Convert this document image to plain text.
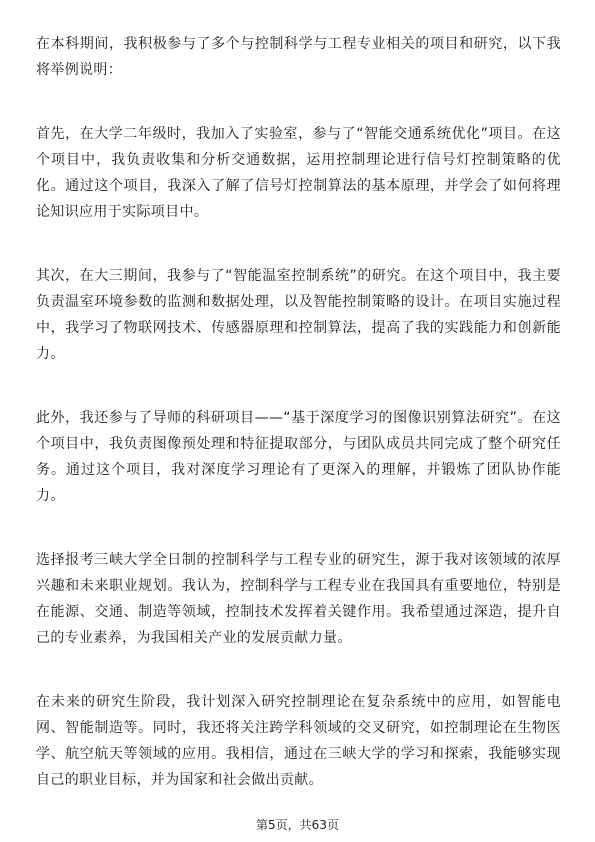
在本科期间，我积极参与了多个与控制科学与工程专业相关的项目和研究，以下我将举例说明：

首先，在大学二年级时，我加入了实验室，参与了“智能交通系统优化”项目。在这个项目中，我负责收集和分析交通数据，运用控制理论进行信号灯控制策略的优化。通过这个项目，我深入了解了信号灯控制算法的基本原理，并学会了如何将理论知识应用于实际项目中。

其次，在大三期间，我参与了“智能温室控制系统”的研究。在这个项目中，我主要负责温室环境参数的监测和数据处理，以及智能控制策略的设计。在项目实施过程中，我学习了物联网技术、传感器原理和控制算法，提高了我的实践能力和创新能力。

此外，我还参与了导师的科研项目——“基于深度学习的图像识别算法研究”。在这个项目中，我负责图像预处理和特征提取部分，与团队成员共同完成了整个研究任务。通过这个项目，我对深度学习理论有了更深入的理解，并锻炼了团队协作能力。

选择报考三峡大学全日制的控制科学与工程专业的研究生，源于我对该领域的浓厚兴趣和未来职业规划。我认为，控制科学与工程专业在我国具有重要地位，特别是在能源、交通、制造等领域，控制技术发挥着关键作用。我希望通过深造，提升自己的专业素养，为我国相关产业的发展贡献力量。

在未来的研究生阶段，我计划深入研究控制理论在复杂系统中的应用，如智能电网、智能制造等。同时，我还将关注跨学科领域的交叉研究，如控制理论在生物医学、航空航天等领域的应用。我相信，通过在三峡大学的学习和探索，我能够实现自己的职业目标，并为国家和社会做出贡献。

第5页，共63页
